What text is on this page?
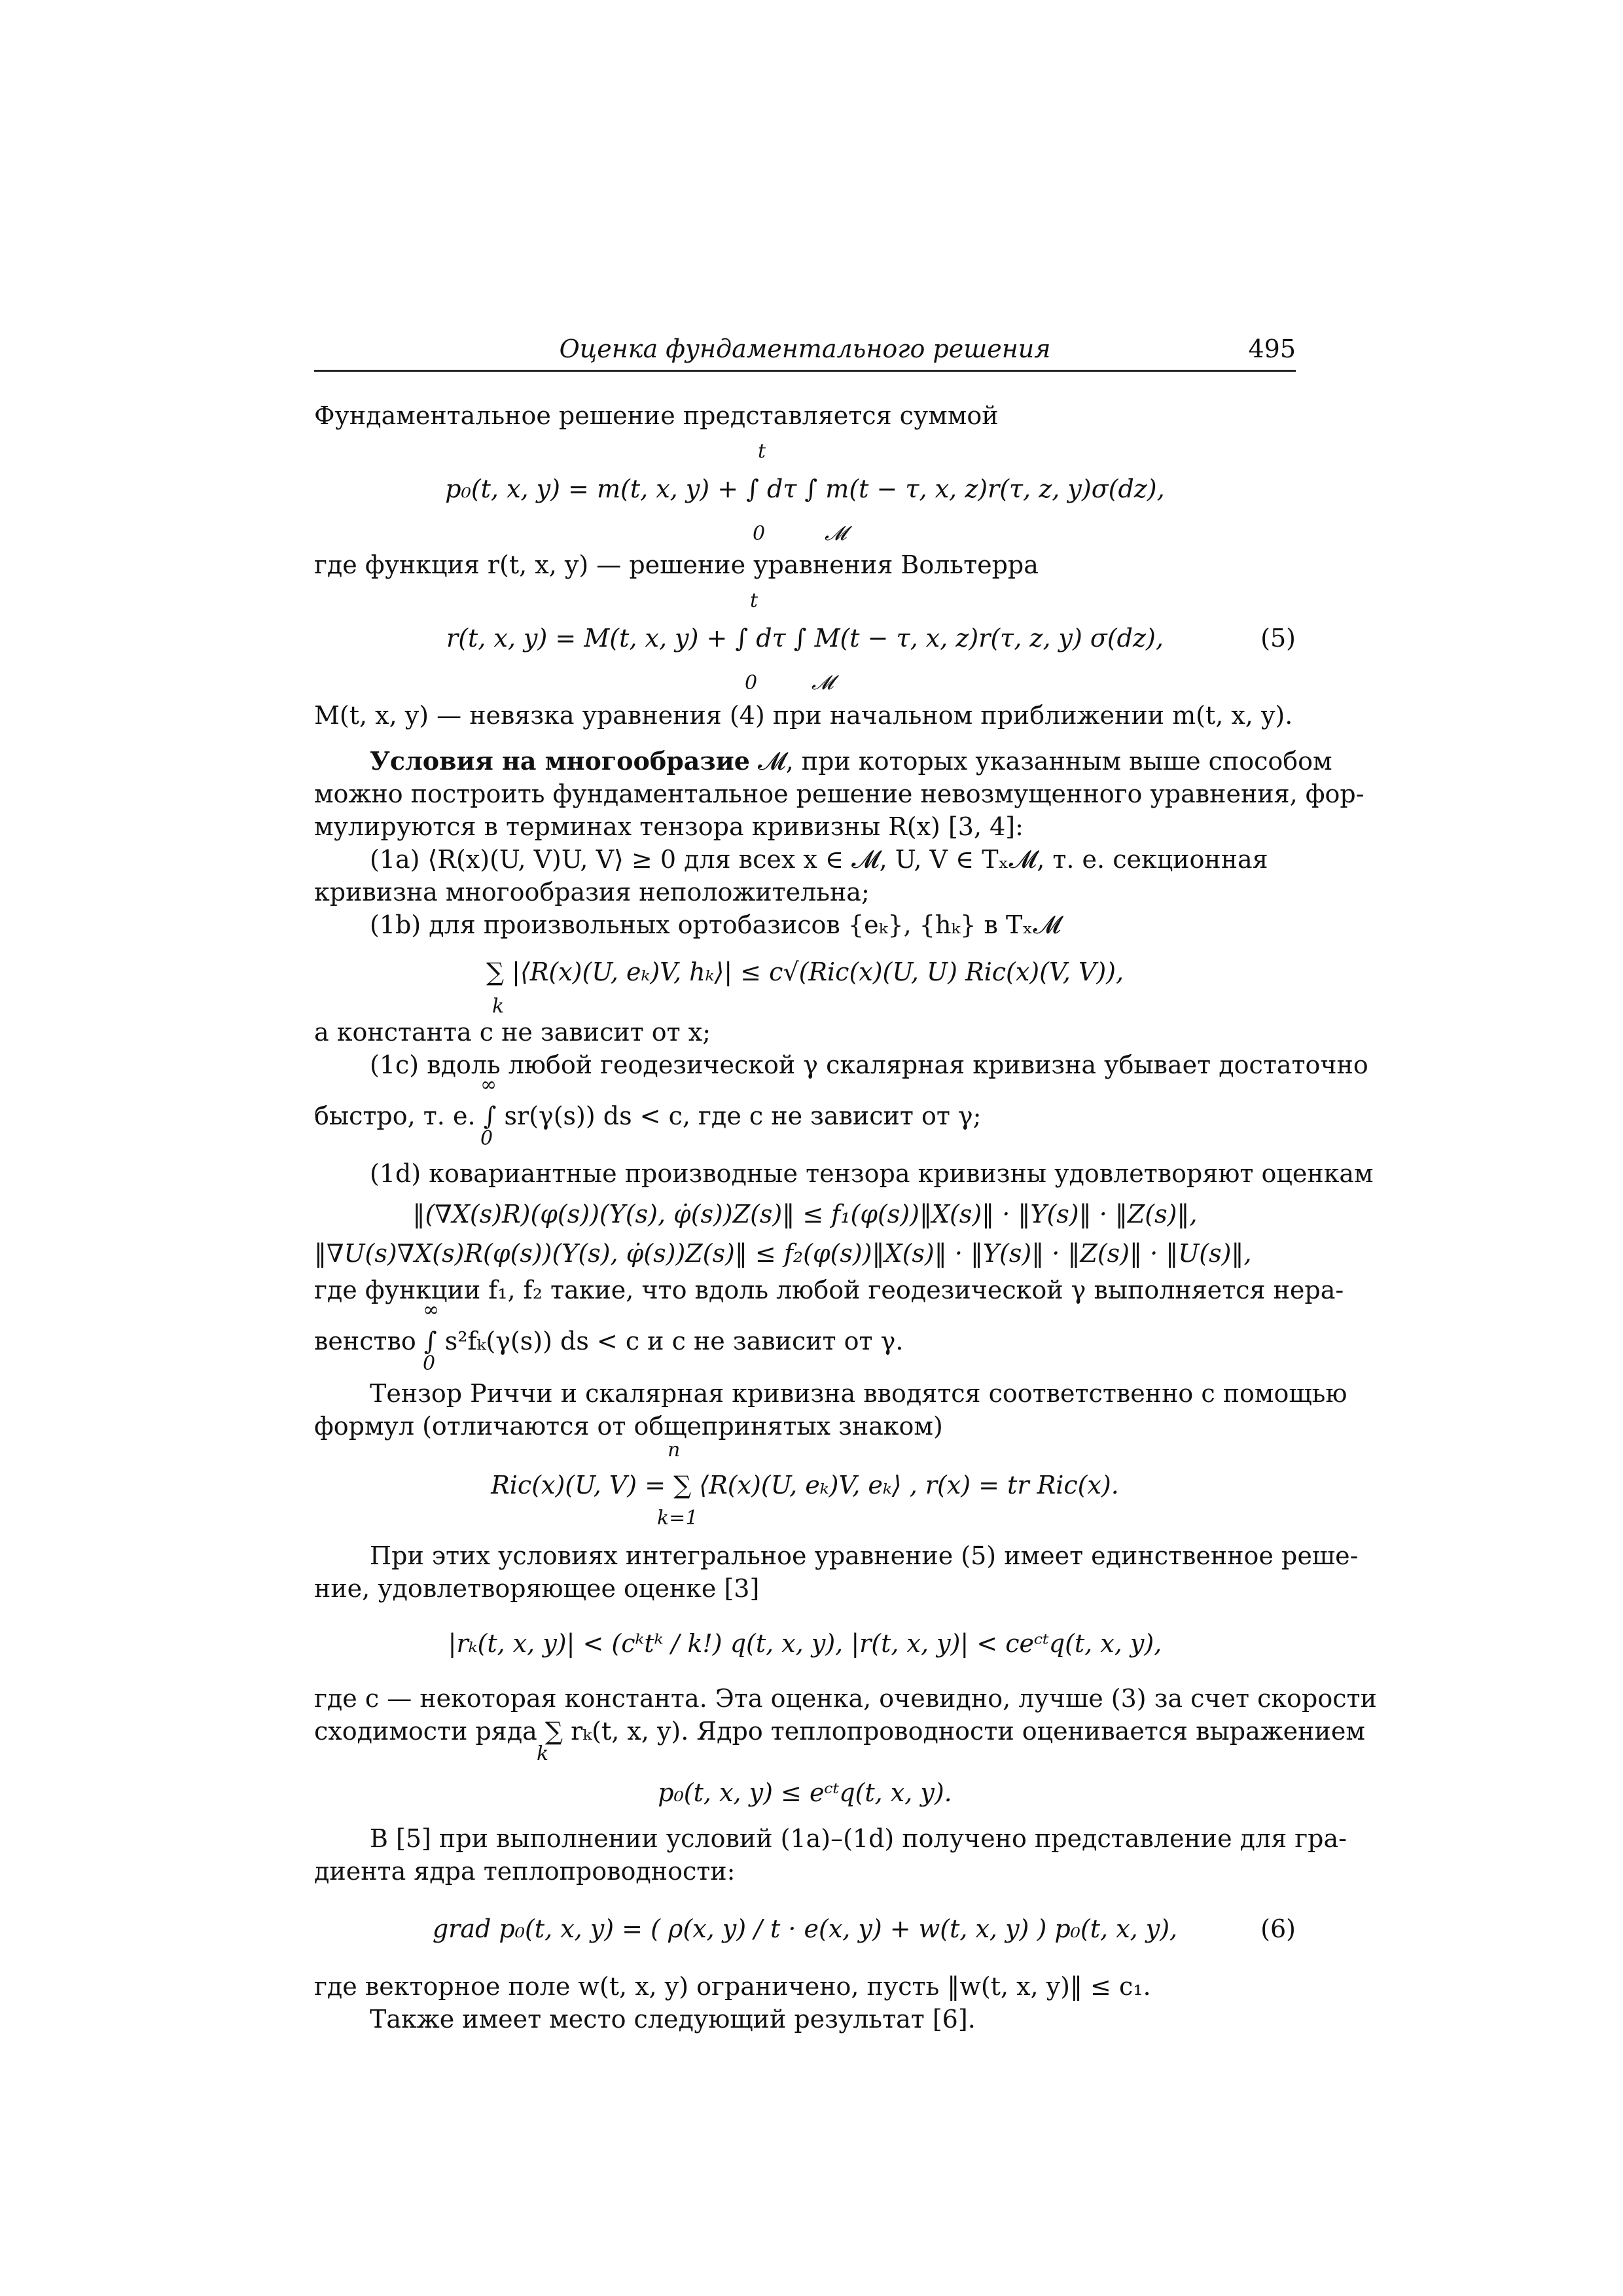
Оценка фундаментального решения	495
Фундаментальное решение представляется суммой
t
p₀(t, x, y) = m(t, x, y) + ∫ dτ ∫ m(t − τ, x, z)r(τ, z, y)σ(dz),
0	𝓜
где функция r(t, x, y) — решение уравнения Вольтерра
t
r(t, x, y) = M(t, x, y) + ∫ dτ ∫ M(t − τ, x, z)r(τ, z, y) σ(dz),	(5)
0	𝓜
M(t, x, y) — невязка уравнения (4) при начальном приближении m(t, x, y).
Условия на многообразие 𝓜, при которых указанным выше способом
можно построить фундаментальное решение невозмущенного уравнения, фор-
мулируются в терминах тензора кривизны R(x) [3, 4]:
(1a) ⟨R(x)(U, V)U, V⟩ ≥ 0 для всех x ∈ 𝓜, U, V ∈ Tₓ𝓜, т. е. секционная
кривизна многообразия неположительна;
(1b) для произвольных ортобазисов {eₖ}, {hₖ} в Tₓ𝓜
∑ |⟨R(x)(U, eₖ)V, hₖ⟩| ≤ c√(Ric(x)(U, U) Ric(x)(V, V)),
k
а константа c не зависит от x;
(1c) вдоль любой геодезической γ скалярная кривизна убывает достаточно
∞
быстро, т. е. ∫ sr(γ(s)) ds < c, где c не зависит от γ;
0
(1d) ковариантные производные тензора кривизны удовлетворяют оценкам
‖(∇X(s)R)(φ(s))(Y(s), φ̇(s))Z(s)‖ ≤ f₁(φ(s))‖X(s)‖ · ‖Y(s)‖ · ‖Z(s)‖,
‖∇U(s)∇X(s)R(φ(s))(Y(s), φ̇(s))Z(s)‖ ≤ f₂(φ(s))‖X(s)‖ · ‖Y(s)‖ · ‖Z(s)‖ · ‖U(s)‖,
где функции f₁, f₂ такие, что вдоль любой геодезической γ выполняется нера-
∞
венство ∫ s²fₖ(γ(s)) ds < c и c не зависит от γ.
0
Тензор Риччи и скалярная кривизна вводятся соответственно с помощью
формул (отличаются от общепринятых знаком)
n
Ric(x)(U, V) = ∑ ⟨R(x)(U, eₖ)V, eₖ⟩ , r(x) = tr Ric(x).
k=1
При этих условиях интегральное уравнение (5) имеет единственное реше-
ние, удовлетворяющее оценке [3]
|rₖ(t, x, y)| < (cᵏtᵏ / k!) q(t, x, y), |r(t, x, y)| < ceᶜᵗq(t, x, y),
где c — некоторая константа. Эта оценка, очевидно, лучше (3) за счет скорости
сходимости ряда ∑ rₖ(t, x, y). Ядро теплопроводности оценивается выражением
k
p₀(t, x, y) ≤ eᶜᵗq(t, x, y).
В [5] при выполнении условий (1a)–(1d) получено представление для гра-
диента ядра теплопроводности:
grad p₀(t, x, y) = ( ρ(x, y) / t · e(x, y) + w(t, x, y) ) p₀(t, x, y),	(6)
где векторное поле w(t, x, y) ограничено, пусть ‖w(t, x, y)‖ ≤ c₁.
Также имеет место следующий результат [6].
